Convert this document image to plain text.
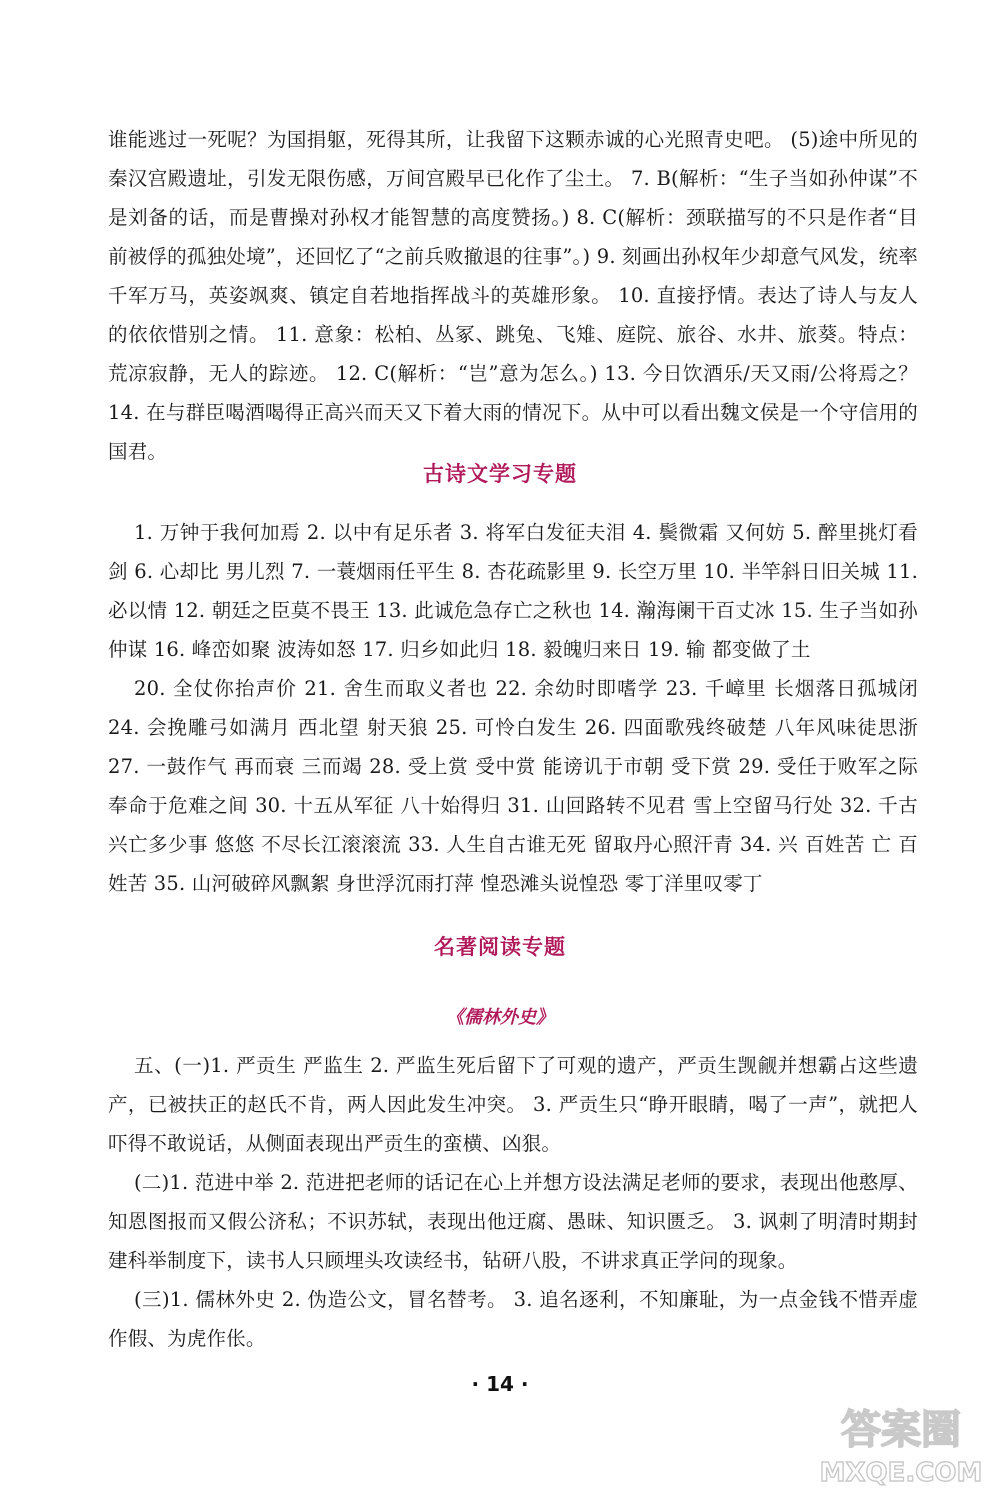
谁能逃过一死呢？为国捐躯，死得其所，让我留下这颗赤诚的心光照青史吧。 (5)途中所见的秦汉宫殿遗址，引发无限伤感，万间宫殿早已化作了尘土。 7. B(解析：“生子当如孙仲谋”不是刘备的话，而是曹操对孙权才能智慧的高度赞扬。) 8. C(解析：颈联描写的不只是作者“目前被俘的孤独处境”，还回忆了“之前兵败撤退的往事”。) 9. 刻画出孙权年少却意气风发，统率千军万马，英姿飒爽、镇定自若地指挥战斗的英雄形象。 10. 直接抒情。表达了诗人与友人的依依惜别之情。 11. 意象：松柏、丛冢、跳兔、飞雉、庭院、旅谷、水井、旅葵。特点：荒凉寂静，无人的踪迹。 12. C(解析：“岂”意为怎么。) 13. 今日饮酒乐/天又雨/公将焉之？ 14. 在与群臣喝酒喝得正高兴而天又下着大雨的情况下。从中可以看出魏文侯是一个守信用的国君。

古诗文学习专题

1. 万钟于我何加焉 2. 以中有足乐者 3. 将军白发征夫泪 4. 鬓微霜 又何妨 5. 醉里挑灯看剑 6. 心却比 男儿烈 7. 一蓑烟雨任平生 8. 杏花疏影里 9. 长空万里 10. 半竿斜日旧关城 11. 必以情 12. 朝廷之臣莫不畏王 13. 此诚危急存亡之秋也 14. 瀚海阑干百丈冰 15. 生子当如孙仲谋 16. 峰峦如聚 波涛如怒 17. 归乡如此归 18. 毅魄归来日 19. 输 都变做了土

20. 全仗你抬声价 21. 舍生而取义者也 22. 余幼时即嗜学 23. 千嶂里 长烟落日孤城闭 24. 会挽雕弓如满月 西北望 射天狼 25. 可怜白发生 26. 四面歌残终破楚 八年风味徒思浙 27. 一鼓作气 再而衰 三而竭 28. 受上赏 受中赏 能谤讥于市朝 受下赏 29. 受任于败军之际 奉命于危难之间 30. 十五从军征 八十始得归 31. 山回路转不见君 雪上空留马行处 32. 千古兴亡多少事 悠悠 不尽长江滚滚流 33. 人生自古谁无死 留取丹心照汗青 34. 兴 百姓苦 亡 百姓苦 35. 山河破碎风飘絮 身世浮沉雨打萍 惶恐滩头说惶恐 零丁洋里叹零丁

名著阅读专题
《儒林外史》

五、(一)1. 严贡生 严监生 2. 严监生死后留下了可观的遗产，严贡生觊觎并想霸占这些遗产，已被扶正的赵氏不肯，两人因此发生冲突。 3. 严贡生只“睁开眼睛，喝了一声”，就把人吓得不敢说话，从侧面表现出严贡生的蛮横、凶狠。

(二)1. 范进中举 2. 范进把老师的话记在心上并想方设法满足老师的要求，表现出他憨厚、知恩图报而又假公济私；不识苏轼，表现出他迂腐、愚昧、知识匮乏。 3. 讽刺了明清时期封建科举制度下，读书人只顾埋头攻读经书，钻研八股，不讲求真正学问的现象。

(三)1. 儒林外史 2. 伪造公文，冒名替考。 3. 追名逐利，不知廉耻，为一点金钱不惜弄虚作假、为虎作伥。

· 14 ·
答案圈
MXQE.COM
